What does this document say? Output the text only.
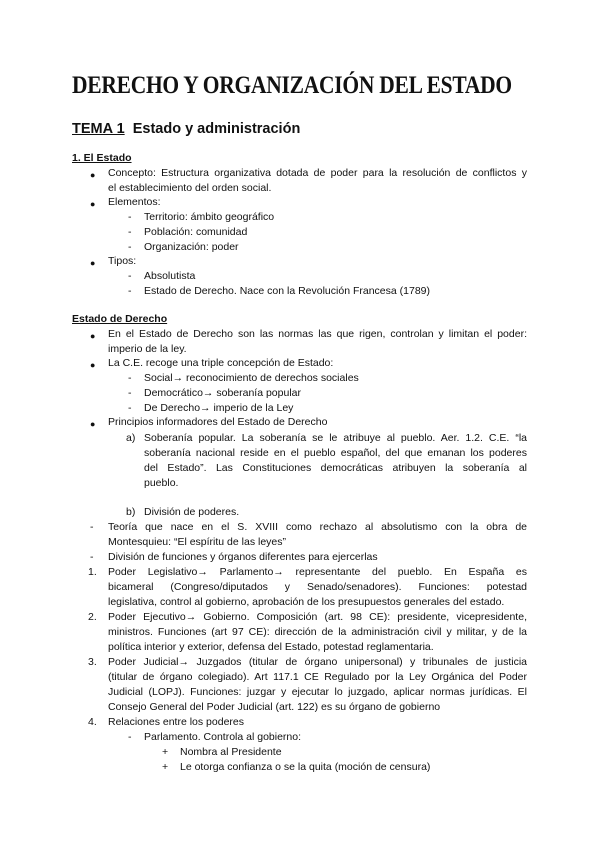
DERECHO Y ORGANIZACIÓN DEL ESTADO
TEMA 1 Estado y administración
1. El Estado
● Concepto: Estructura organizativa dotada de poder para la resolución de conflictos y
el establecimiento del orden social.
● Elementos:
- Territorio: ámbito geográfico
- Población: comunidad
- Organización: poder
● Tipos:
- Absolutista
- Estado de Derecho. Nace con la Revolución Francesa (1789)
Estado de Derecho
● En el Estado de Derecho son las normas las que rigen, controlan y limitan el poder:
imperio de la ley.
● La C.E. recoge una triple concepción de Estado:
- Social→ reconocimiento de derechos sociales
- Democrático→ soberanía popular
- De Derecho→ imperio de la Ley
● Principios informadores del Estado de Derecho
a) Soberanía popular. La soberanía se le atribuye al pueblo. Aer. 1.2. C.E. “la
soberanía nacional reside en el pueblo español, del que emanan los poderes
del Estado”. Las Constituciones democráticas atribuyen la soberanía al
pueblo.
b) División de poderes.
- Teoría que nace en el S. XVIII como rechazo al absolutismo con la obra de
Montesquieu: “El espíritu de las leyes”
- División de funciones y órganos diferentes para ejercerlas
1. Poder Legislativo→ Parlamento→ representante del pueblo. En España es
bicameral (Congreso/diputados y Senado/senadores). Funciones: potestad
legislativa, control al gobierno, aprobación de los presupuestos generales del estado.
2. Poder Ejecutivo→ Gobierno. Composición (art. 98 CE): presidente, vicepresidente,
ministros. Funciones (art 97 CE): dirección de la administración civil y militar, y de la
política interior y exterior, defensa del Estado, potestad reglamentaria.
3. Poder Judicial→ Juzgados (titular de órgano unipersonal) y tribunales de justicia
(titular de órgano colegiado). Art 117.1 CE Regulado por la Ley Orgánica del Poder
Judicial (LOPJ). Funciones: juzgar y ejecutar lo juzgado, aplicar normas jurídicas. El
Consejo General del Poder Judicial (art. 122) es su órgano de gobierno
4. Relaciones entre los poderes
- Parlamento. Controla al gobierno:
+ Nombra al Presidente
+ Le otorga confianza o se la quita (moción de censura)
